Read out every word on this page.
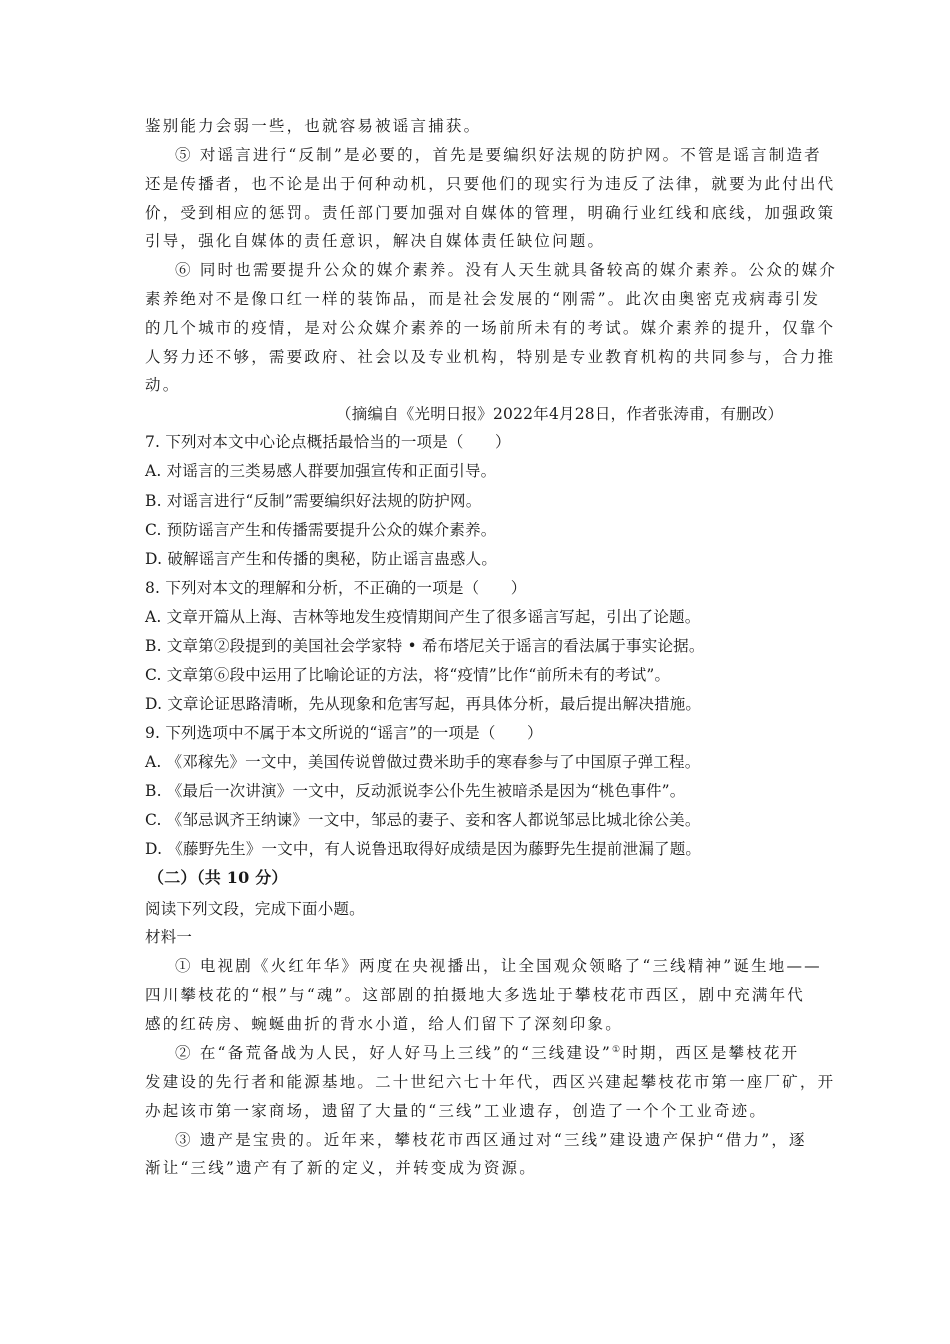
鉴别能力会弱一些，也就容易被谣言捕获。
⑤ 对谣言进行“反制”是必要的，首先是要编织好法规的防护网。不管是谣言制造者
还是传播者，也不论是出于何种动机，只要他们的现实行为违反了法律，就要为此付出代
价，受到相应的惩罚。责任部门要加强对自媒体的管理，明确行业红线和底线，加强政策
引导，强化自媒体的责任意识，解决自媒体责任缺位问题。
⑥ 同时也需要提升公众的媒介素养。没有人天生就具备较高的媒介素养。公众的媒介
素养绝对不是像口红一样的装饰品，而是社会发展的“刚需”。此次由奥密克戎病毒引发
的几个城市的疫情，是对公众媒介素养的一场前所未有的考试。媒介素养的提升，仅靠个
人努力还不够，需要政府、社会以及专业机构，特别是专业教育机构的共同参与，合力推
动。
（摘编自《光明日报》2022年4月28日，作者张涛甫，有删改）
7. 下列对本文中心论点概括最恰当的一项是（　　）
A. 对谣言的三类易感人群要加强宣传和正面引导。
B. 对谣言进行“反制”需要编织好法规的防护网。
C. 预防谣言产生和传播需要提升公众的媒介素养。
D. 破解谣言产生和传播的奥秘，防止谣言蛊惑人。
8. 下列对本文的理解和分析，不正确的一项是（　　）
A. 文章开篇从上海、吉林等地发生疫情期间产生了很多谣言写起，引出了论题。
B. 文章第②段提到的美国社会学家特 • 希布塔尼关于谣言的看法属于事实论据。
C. 文章第⑥段中运用了比喻论证的方法，将“疫情”比作“前所未有的考试”。
D. 文章论证思路清晰，先从现象和危害写起，再具体分析，最后提出解决措施。
9. 下列选项中不属于本文所说的“谣言”的一项是（　　）
A. 《邓稼先》一文中，美国传说曾做过费米助手的寒春参与了中国原子弹工程。
B. 《最后一次讲演》一文中，反动派说李公仆先生被暗杀是因为“桃色事件”。
C. 《邹忌讽齐王纳谏》一文中，邹忌的妻子、妾和客人都说邹忌比城北徐公美。
D. 《藤野先生》一文中，有人说鲁迅取得好成绩是因为藤野先生提前泄漏了题。
（二）（共 10 分）
阅读下列文段，完成下面小题。
材料一
① 电视剧《火红年华》两度在央视播出，让全国观众领略了“三线精神”诞生地——
四川攀枝花的“根”与“魂”。这部剧的拍摄地大多选址于攀枝花市西区，剧中充满年代
感的红砖房、蜿蜒曲折的背水小道，给人们留下了深刻印象。
② 在“备荒备战为人民，好人好马上三线”的“三线建设”①时期，西区是攀枝花开
发建设的先行者和能源基地。二十世纪六七十年代，西区兴建起攀枝花市第一座厂矿，开
办起该市第一家商场，遗留了大量的“三线”工业遗存，创造了一个个工业奇迹。
③ 遗产是宝贵的。近年来，攀枝花市西区通过对“三线”建设遗产保护“借力”，逐
渐让“三线”遗产有了新的定义，并转变成为资源。
